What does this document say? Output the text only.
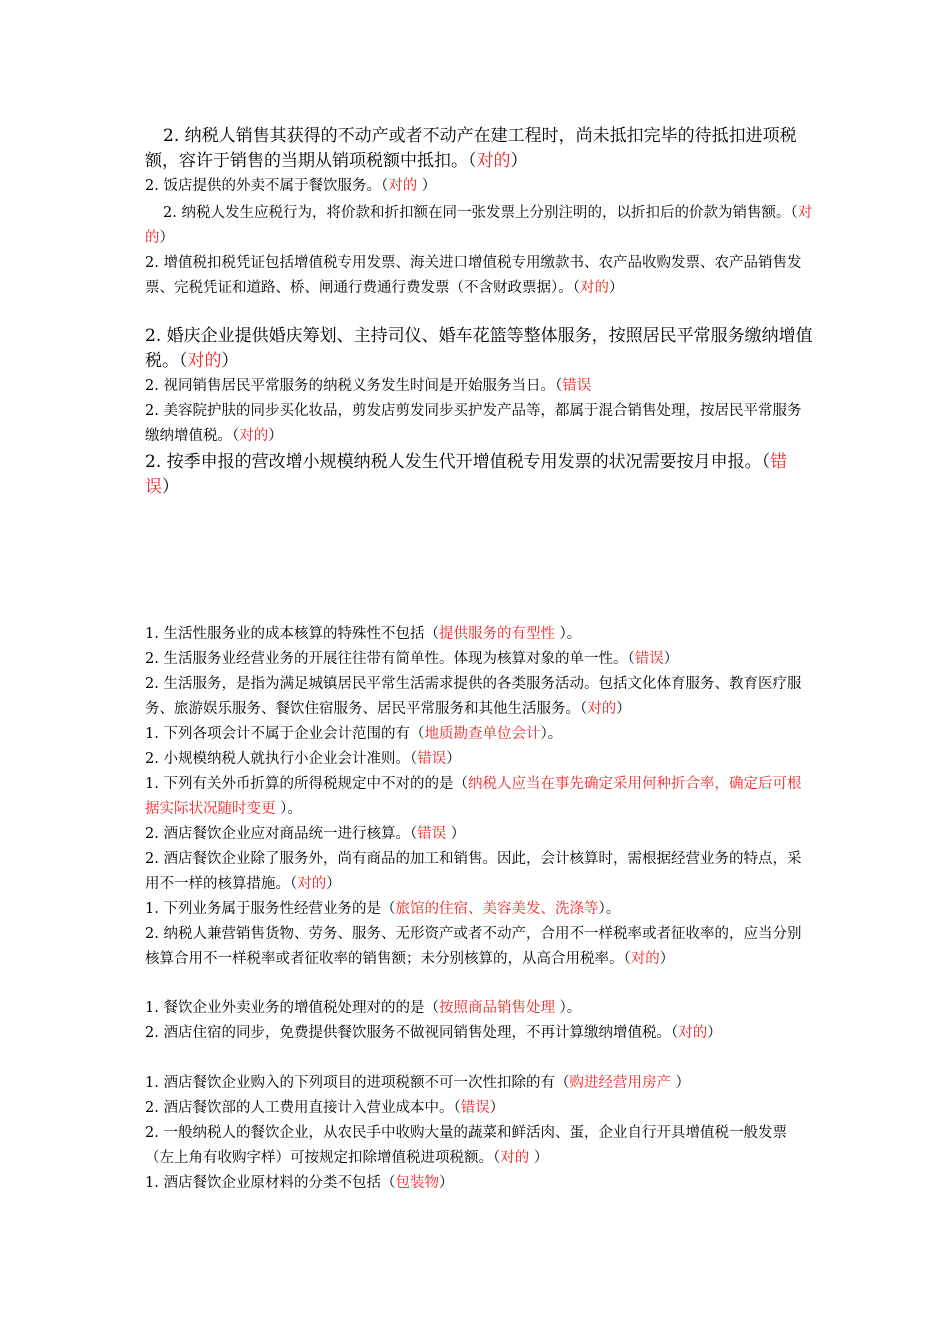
2. 纳税人销售其获得的不动产或者不动产在建工程时，尚未抵扣完毕的待抵扣进项税额，容许于销售的当期从销项税额中抵扣。（对的）

2. 饭店提供的外卖不属于餐饮服务。（对的 ）

2. 纳税人发生应税行为，将价款和折扣额在同一张发票上分别注明的，以折扣后的价款为销售额。（对的）

2. 增值税扣税凭证包括增值税专用发票、海关进口增值税专用缴款书、农产品收购发票、农产品销售发票、完税凭证和道路、桥、闸通行费通行费发票（不含财政票据）。（对的）

2. 婚庆企业提供婚庆筹划、主持司仪、婚车花篮等整体服务，按照居民平常服务缴纳增值税。（对的）

2. 视同销售居民平常服务的纳税义务发生时间是开始服务当日。（错误

2. 美容院护肤的同步买化妆品，剪发店剪发同步买护发产品等，都属于混合销售处理，按居民平常服务缴纳增值税。（对的）

2. 按季申报的营改增小规模纳税人发生代开增值税专用发票的状况需要按月申报。（错误）

1. 生活性服务业的成本核算的特殊性不包括（提供服务的有型性 ）。

2. 生活服务业经营业务的开展往往带有简单性。体现为核算对象的单一性。（错误）

2. 生活服务，是指为满足城镇居民平常生活需求提供的各类服务活动。包括文化体育服务、教育医疗服务、旅游娱乐服务、餐饮住宿服务、居民平常服务和其他生活服务。（对的）

1. 下列各项会计不属于企业会计范围的有（地质勘查单位会计）。

2. 小规模纳税人就执行小企业会计准则。（错误）

1. 下列有关外币折算的所得税规定中不对的的是（纳税人应当在事先确定采用何种折合率，确定后可根据实际状况随时变更 ）。

2. 酒店餐饮企业应对商品统一进行核算。（错误 ）

2. 酒店餐饮企业除了服务外，尚有商品的加工和销售。因此，会计核算时，需根据经营业务的特点，采用不一样的核算措施。（对的）

1. 下列业务属于服务性经营业务的是（旅馆的住宿、美容美发、洗涤等）。

2. 纳税人兼营销售货物、劳务、服务、无形资产或者不动产，合用不一样税率或者征收率的，应当分别核算合用不一样税率或者征收率的销售额；未分别核算的，从高合用税率。（对的）

1. 餐饮企业外卖业务的增值税处理对的的是（按照商品销售处理 ）。

2. 酒店住宿的同步，免费提供餐饮服务不做视同销售处理，不再计算缴纳增值税。（对的）

1. 酒店餐饮企业购入的下列项目的进项税额不可一次性扣除的有（购进经营用房产 ）

2. 酒店餐饮部的人工费用直接计入营业成本中。（错误）

2. 一般纳税人的餐饮企业，从农民手中收购大量的蔬菜和鲜活肉、蛋，企业自行开具增值税一般发票（左上角有收购字样）可按规定扣除增值税进项税额。（对的 ）

1. 酒店餐饮企业原材料的分类不包括（包装物）
